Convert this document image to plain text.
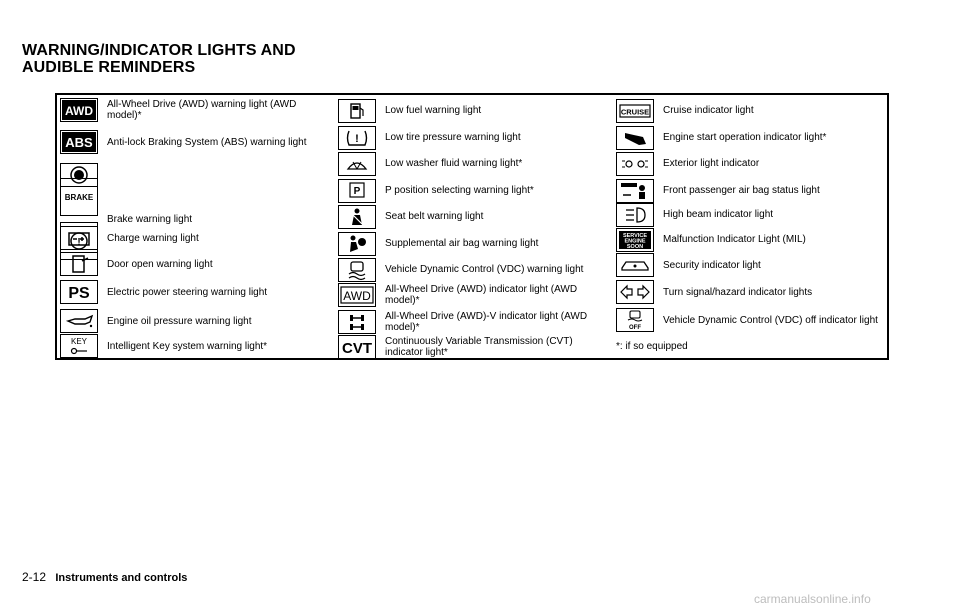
WARNING/INDICATOR LIGHTS AND
AUDIBLE REMINDERS
AWD All-Wheel Drive (AWD) warning light (AWD model)*
ABS Anti-lock Braking System (ABS) warning light
BRAKE
!
Brake warning light
Charge warning light
Door open warning light
PS Electric power steering warning light
Engine oil pressure warning light
KEY Intelligent Key system warning light*
Low fuel warning light
!	Low tire pressure warning light
Low washer fluid warning light*
P P position selecting warning light*
Seat belt warning light
Supplemental air bag warning light
Vehicle Dynamic Control (VDC) warning light
AWD All-Wheel Drive (AWD) indicator light (AWD model)*
All-Wheel Drive (AWD)-V indicator light (AWD model)*
CVT Continuously Variable Transmission (CVT) indicator light*
CRUISE Cruise indicator light
Engine start operation indicator light*
Exterior light indicator
Front passenger air bag status light
High beam indicator light
SERVICE
ENGINE
SOON
Malfunction Indicator Light (MIL)
Security indicator light
Turn signal/hazard indicator lights
OFF
Vehicle Dynamic Control (VDC) off indicator light
*: if so equipped
2-12 Instruments and controls
carmanualsonline.info
